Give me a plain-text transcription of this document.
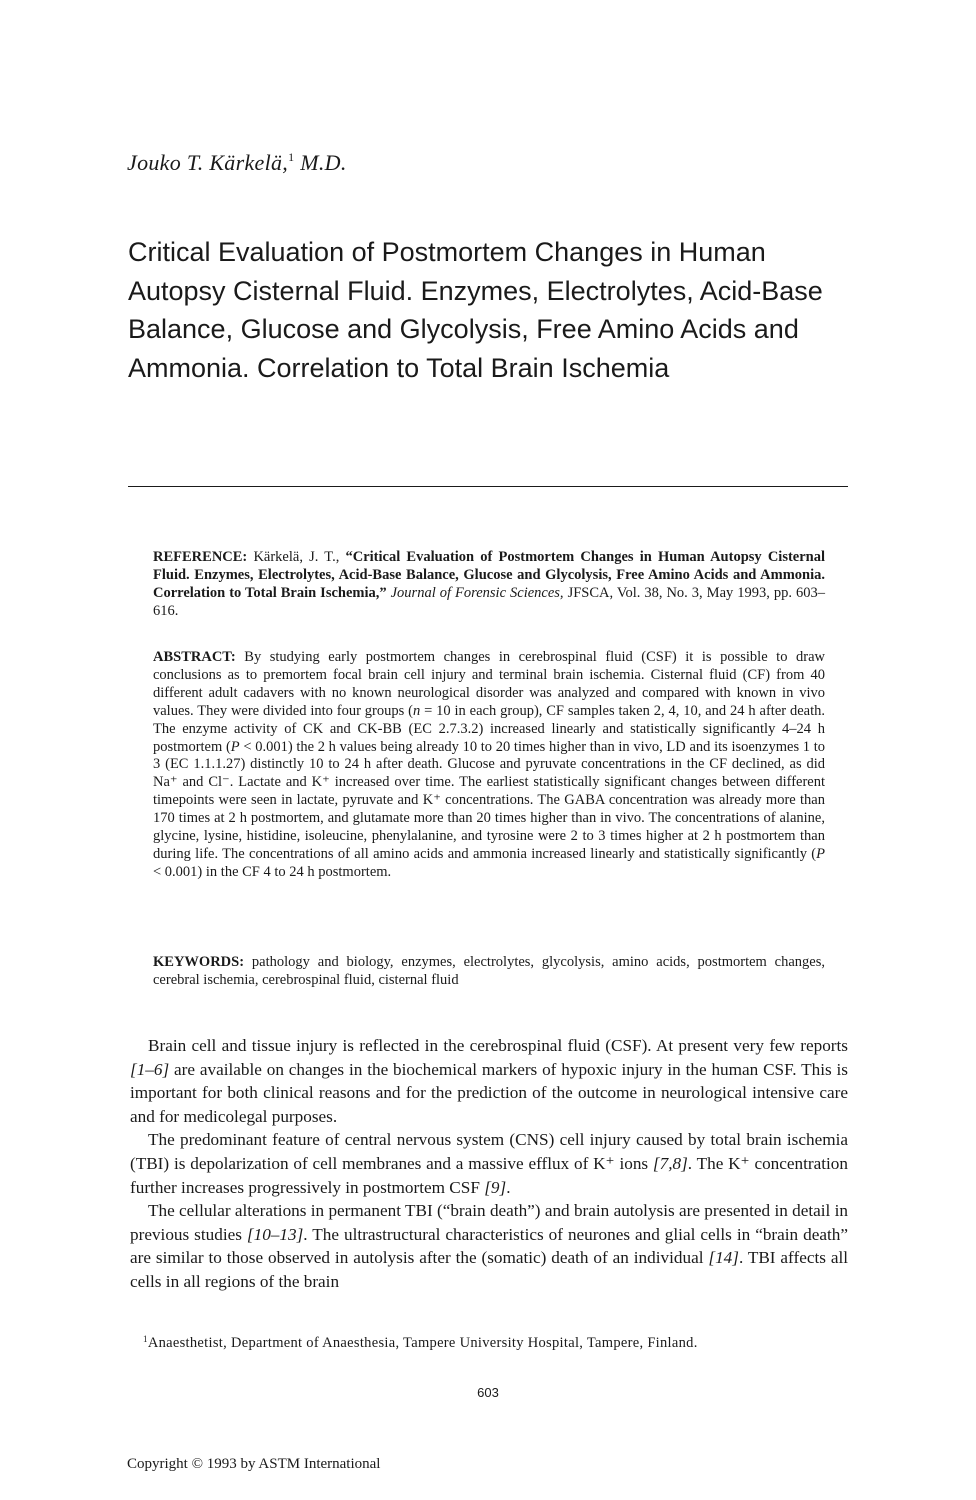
Jouko T. Kärkelä,$^1$ M.D.
Critical Evaluation of Postmortem Changes in Human Autopsy Cisternal Fluid. Enzymes, Electrolytes, Acid-Base Balance, Glucose and Glycolysis, Free Amino Acids and Ammonia. Correlation to Total Brain Ischemia
REFERENCE: Kärkelä, J. T., “Critical Evaluation of Postmortem Changes in Human Autopsy Cisternal Fluid. Enzymes, Electrolytes, Acid-Base Balance, Glucose and Glycolysis, Free Amino Acids and Ammonia. Correlation to Total Brain Ischemia,” Journal of Forensic Sciences, JFSCA, Vol. 38, No. 3, May 1993, pp. 603–616.
ABSTRACT: By studying early postmortem changes in cerebrospinal fluid (CSF) it is possible to draw conclusions as to premortem focal brain cell injury and terminal brain ischemia. Cisternal fluid (CF) from 40 different adult cadavers with no known neurological disorder was analyzed and compared with known in vivo values. They were divided into four groups (n = 10 in each group), CF samples taken 2, 4, 10, and 24 h after death. The enzyme activity of CK and CK-BB (EC 2.7.3.2) increased linearly and statistically significantly 4–24 h postmortem (P < 0.001) the 2 h values being already 10 to 20 times higher than in vivo, LD and its isoenzymes 1 to 3 (EC 1.1.1.27) distinctly 10 to 24 h after death. Glucose and pyruvate concentrations in the CF declined, as did Na⁺ and Cl⁻. Lactate and K⁺ increased over time. The earliest statistically significant changes between different timepoints were seen in lactate, pyruvate and K⁺ concentrations. The GABA concentration was already more than 170 times at 2 h postmortem, and glutamate more than 20 times higher than in vivo. The concentrations of alanine, glycine, lysine, histidine, isoleucine, phenylalanine, and tyrosine were 2 to 3 times higher at 2 h postmortem than during life. The concentrations of all amino acids and ammonia increased linearly and statistically significantly (P < 0.001) in the CF 4 to 24 h postmortem.
KEYWORDS: pathology and biology, enzymes, electrolytes, glycolysis, amino acids, postmortem changes, cerebral ischemia, cerebrospinal fluid, cisternal fluid

Brain cell and tissue injury is reflected in the cerebrospinal fluid (CSF). At present very few reports [1–6] are available on changes in the biochemical markers of hypoxic injury in the human CSF. This is important for both clinical reasons and for the prediction of the outcome in neurological intensive care and for medicolegal purposes.

The predominant feature of central nervous system (CNS) cell injury caused by total brain ischemia (TBI) is depolarization of cell membranes and a massive efflux of K⁺ ions [7,8]. The K⁺ concentration further increases progressively in postmortem CSF [9].

The cellular alterations in permanent TBI (“brain death”) and brain autolysis are presented in detail in previous studies [10–13]. The ultrastructural characteristics of neurones and glial cells in “brain death” are similar to those observed in autolysis after the (somatic) death of an individual [14]. TBI affects all cells in all regions of the brain

$^1$Anaesthetist, Department of Anaesthesia, Tampere University Hospital, Tampere, Finland.
603
Copyright © 1993 by ASTM International
